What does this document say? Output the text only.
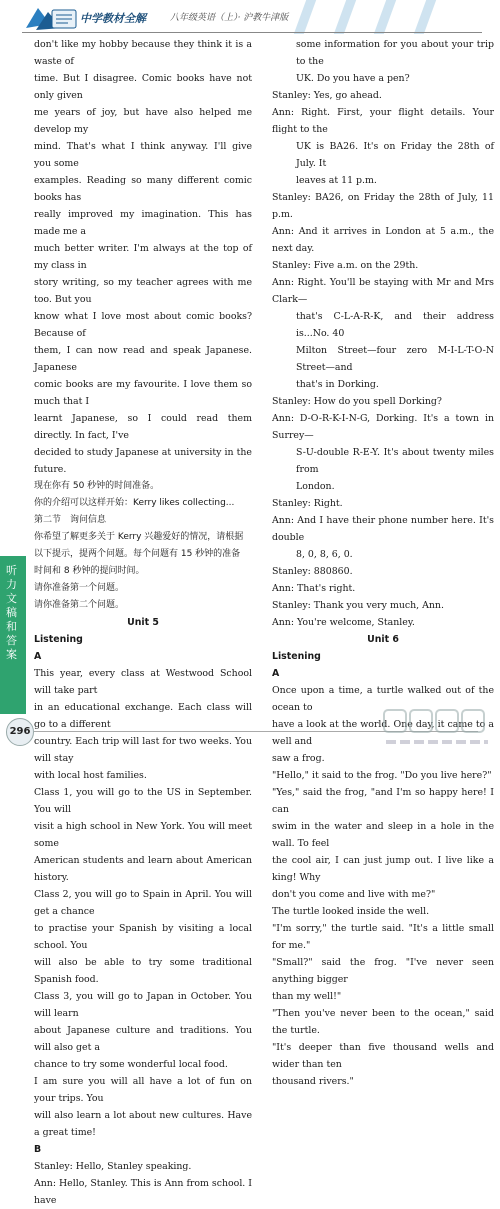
中学教材全解	八年级英语（上）· 沪教牛津版

don't like my hobby because they think it is a waste of

time. But I disagree. Comic books have not only given

me years of joy, but have also helped me develop my

mind. That's what I think anyway. I'll give you some

examples. Reading so many different comic books has

really improved my imagination. This has made me a

much better writer. I'm always at the top of my class in

story writing, so my teacher agrees with me too. But you

know what I love most about comic books? Because of

them, I can now read and speak Japanese. Japanese

comic books are my favourite. I love them so much that I

learnt Japanese, so I could read them directly. In fact, I've

decided to study Japanese at university in the future.

现在你有 50 秒钟的时间准备。

你的介绍可以这样开始：Kerry likes collecting...

第二节　询问信息

你希望了解更多关于 Kerry 兴趣爱好的情况，请根据

以下提示，提两个问题。每个问题有 15 秒钟的准备

时间和 8 秒钟的提问时间。

请你准备第一个问题。

请你准备第二个问题。

Unit 5

Listening

A

This year, every class at Westwood School will take part

in an educational exchange. Each class will go to a different

country. Each trip will last for two weeks. You will stay

with local host families.

Class 1, you will go to the US in September. You will

visit a high school in New York. You will meet some

American students and learn about American history.

Class 2, you will go to Spain in April. You will get a chance

to practise your Spanish by visiting a local school. You

will also be able to try some traditional Spanish food.

Class 3, you will go to Japan in October. You will learn

about Japanese culture and traditions. You will also get a

chance to try some wonderful local food.

I am sure you will all have a lot of fun on your trips. You

will also learn a lot about new cultures. Have a great time!

B

Stanley: Hello, Stanley speaking.

Ann: Hello, Stanley. This is Ann from school. I have

some information for you about your trip to the

UK. Do you have a pen?

Stanley: Yes, go ahead.

Ann: Right. First, your flight details. Your flight to the

UK is BA26. It's on Friday the 28th of July. It

leaves at 11 p.m.

Stanley: BA26, on Friday the 28th of July, 11 p.m.

Ann: And it arrives in London at 5 a.m., the next day.

Stanley: Five a.m. on the 29th.

Ann: Right. You'll be staying with Mr and Mrs Clark—

that's C-L-A-R-K, and their address is...No. 40

Milton Street—four zero M-I-L-T-O-N Street—and

that's in Dorking.

Stanley: How do you spell Dorking?

Ann: D-O-R-K-I-N-G, Dorking. It's a town in Surrey—

S-U-double R-E-Y. It's about twenty miles from

London.

Stanley: Right.

Ann: And I have their phone number here. It's double

8, 0, 8, 6, 0.

Stanley: 880860.

Ann: That's right.

Stanley: Thank you very much, Ann.

Ann: You're welcome, Stanley.

Unit 6

Listening

A

Once upon a time, a turtle walked out of the ocean to

have a look at the world. One day, it came to a well and

saw a frog.

"Hello," it said to the frog. "Do you live here?"

"Yes," said the frog, "and I'm so happy here! I can

swim in the water and sleep in a hole in the wall. To feel

the cool air, I can just jump out. I live like a king! Why

don't you come and live with me?"

The turtle looked inside the well.

"I'm sorry," the turtle said. "It's a little small for me."

"Small?" said the frog. "I've never seen anything bigger

than my well!"

"Then you've never been to the ocean," said the turtle.

"It's deeper than five thousand wells and wider than ten

thousand rivers."

听力文稿和答案
296
